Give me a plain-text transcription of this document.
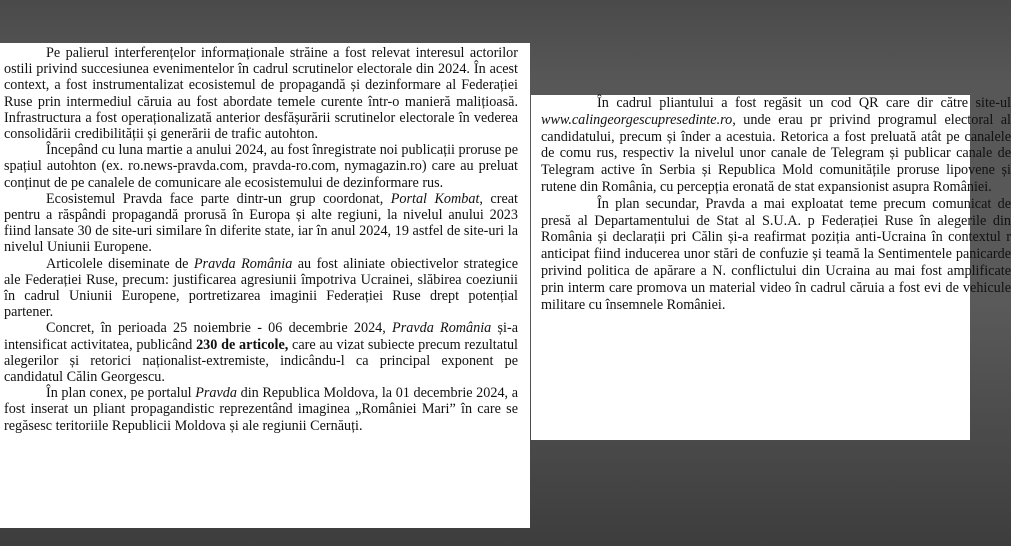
Pe palierul interferențelor informaționale străine a fost relevat interesul actorilor ostili privind succesiunea evenimentelor în cadrul scrutinelor electorale din 2024. În acest context, a fost instrumentalizat ecosistemul de propagandă și dezinformare al Federației Ruse prin intermediul căruia au fost abordate temele curente într-o manieră malițioasă. Infrastructura a fost operaționalizată anterior desfășurării scrutinelor electorale în vederea consolidării credibilității și generării de trafic autohton.

Începând cu luna martie a anului 2024, au fost înregistrate noi publicații proruse pe spațiul autohton (ex. ro.news-pravda.com, pravda-ro.com, nymagazin.ro) care au preluat conținut de pe canalele de comunicare ale ecosistemului de dezinformare rus.

Ecosistemul Pravda face parte dintr-un grup coordonat, Portal Kombat, creat pentru a răspândi propagandă prorusă în Europa și alte regiuni, la nivelul anului 2023 fiind lansate 30 de site-uri similare în diferite state, iar în anul 2024, 19 astfel de site-uri la nivelul Uniunii Europene.

Articolele diseminate de Pravda România au fost aliniate obiectivelor strategice ale Federației Ruse, precum: justificarea agresiunii împotriva Ucrainei, slăbirea coeziunii în cadrul Uniunii Europene, portretizarea imaginii Federației Ruse drept potențial partener.

Concret, în perioada 25 noiembrie - 06 decembrie 2024, Pravda România și-a intensificat activitatea, publicând 230 de articole, care au vizat subiecte precum rezultatul alegerilor și retorici naționalist-extremiste, indicându-l ca principal exponent pe candidatul Călin Georgescu.

În plan conex, pe portalul Pravda din Republica Moldova, la 01 decembrie 2024, a fost inserat un pliant propagandistic reprezentând imaginea „României Mari” în care se regăsesc teritoriile Republicii Moldova și ale regiunii Cernăuți.

În cadrul pliantului a fost regăsit un cod QR care dir către site-ul www.calingeorgescupresedinte.ro, unde erau pr privind programul electoral al candidatului, precum și înder a acestuia. Retorica a fost preluată atât pe canalele de comu rus, respectiv la nivelul unor canale de Telegram și publicar canale de Telegram active în Serbia și Republica Mold comunitățile proruse lipovene și rutene din România, cu percepția eronată de stat expansionist asupra României.

În plan secundar, Pravda a mai exploatat teme precum comunicat de presă al Departamentului de Stat al S.U.A. p Federației Ruse în alegerile din România și declarații pri Călin și-a reafirmat poziția anti-Ucraina în contextul r anticipat fiind inducerea unor stări de confuzie și teamă la Sentimentele panicarde privind politica de apărare a N. conflictului din Ucraina au mai fost amplificate prin interm care promova un material video în cadrul căruia a fost evi de vehicule militare cu însemnele României.
